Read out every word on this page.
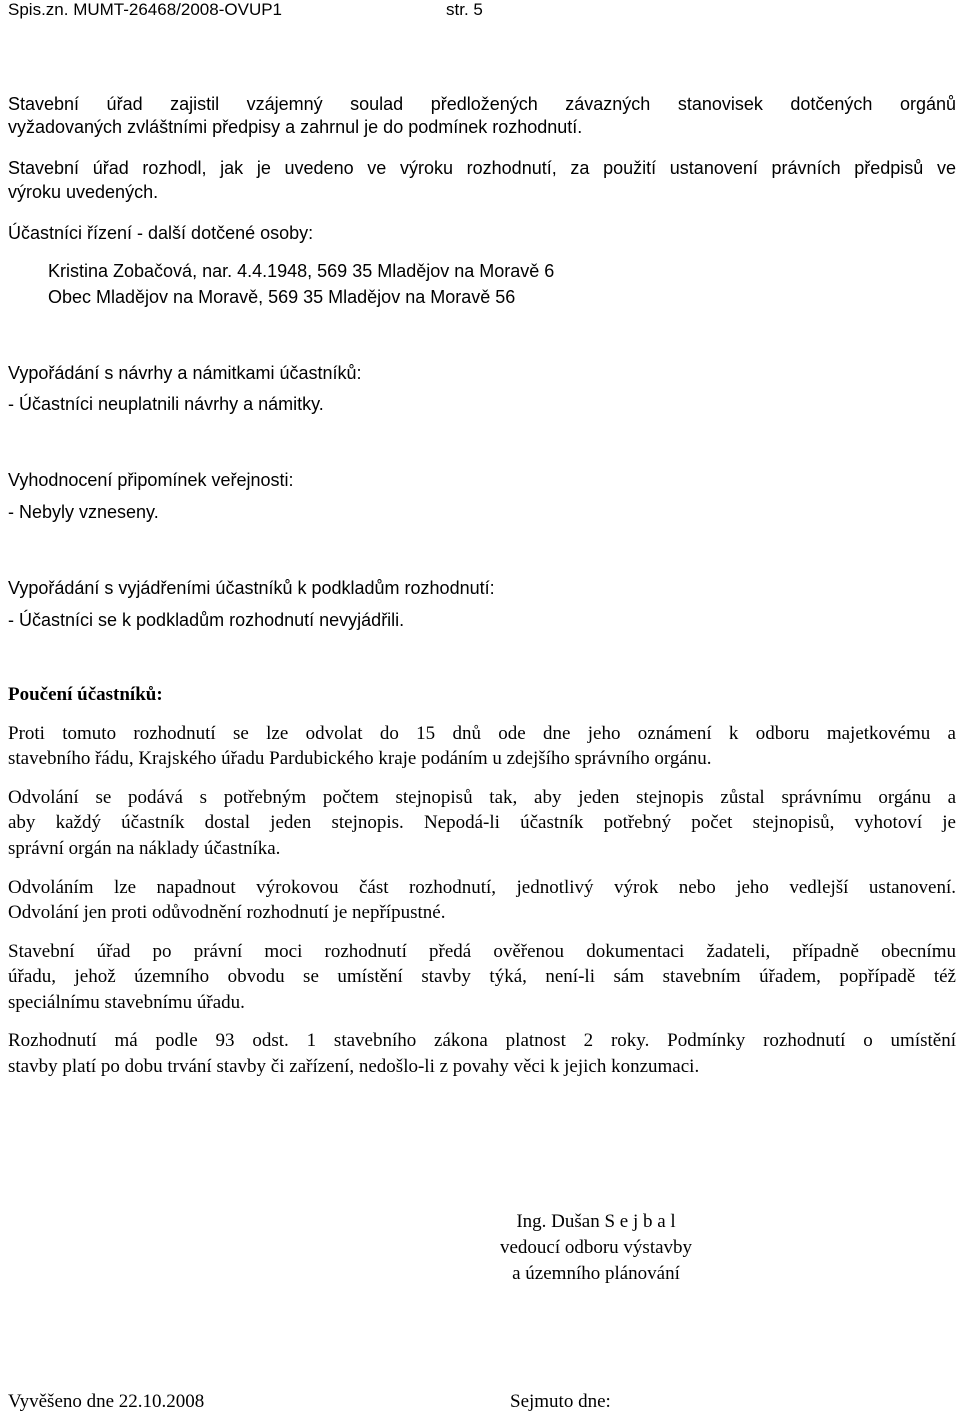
Spis.zn. MUMT-26468/2008-OVUP1	str. 5
Stavební úřad zajistil vzájemný soulad předložených závazných stanovisek dotčených orgánů
vyžadovaných zvláštními předpisy a zahrnul je do podmínek rozhodnutí.
Stavební úřad rozhodl, jak je uvedeno ve výroku rozhodnutí, za použití ustanovení právních předpisů ve
výroku uvedených.
Účastníci řízení - další dotčené osoby:
Kristina Zobačová, nar. 4.4.1948, 569 35 Mladějov na Moravě 6
Obec Mladějov na Moravě, 569 35 Mladějov na Moravě 56
Vypořádání s návrhy a námitkami účastníků:
- Účastníci neuplatnili návrhy a námitky.
Vyhodnocení připomínek veřejnosti:
- Nebyly vzneseny.
Vypořádání s vyjádřeními účastníků k podkladům rozhodnutí:
- Účastníci se k podkladům rozhodnutí nevyjádřili.
Poučení účastníků:
Proti tomuto rozhodnutí se lze odvolat do 15 dnů ode dne jeho oznámení k odboru majetkovému a
stavebního řádu, Krajského úřadu Pardubického kraje podáním u zdejšího správního orgánu.
Odvolání se podává s potřebným počtem stejnopisů tak, aby jeden stejnopis zůstal správnímu orgánu a
aby každý účastník dostal jeden stejnopis. Nepodá-li účastník potřebný počet stejnopisů, vyhotoví je
správní orgán na náklady účastníka.
Odvoláním lze napadnout výrokovou část rozhodnutí, jednotlivý výrok nebo jeho vedlejší ustanovení.
Odvolání jen proti odůvodnění rozhodnutí je nepřípustné.
Stavební úřad po právní moci rozhodnutí předá ověřenou dokumentaci žadateli, případně obecnímu
úřadu, jehož územního obvodu se umístění stavby týká, není-li sám stavebním úřadem, popřípadě též
speciálnímu stavebnímu úřadu.
Rozhodnutí má podle 93 odst. 1 stavebního zákona platnost 2 roky. Podmínky rozhodnutí o umístění
stavby platí po dobu trvání stavby či zařízení, nedošlo-li z povahy věci k jejich konzumaci.
Ing. Dušan S e j b a l
vedoucí odboru výstavby
a územního plánování
Vyvěšeno dne 22.10.2008	Sejmuto dne:
